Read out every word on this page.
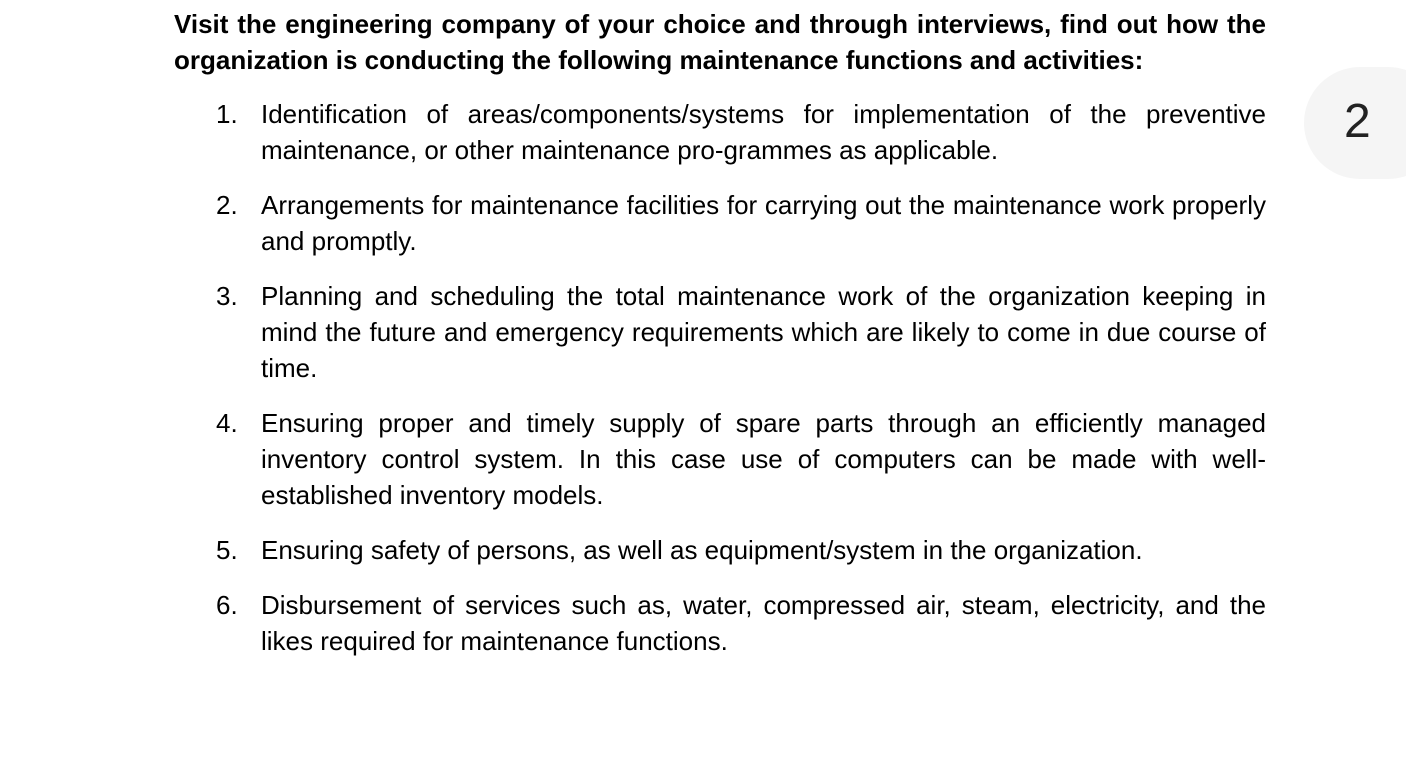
Visit the engineering company of your choice and through interviews, find out how the organization is conducting the following maintenance functions and activities:

1. Identification of areas/components/systems for implementation of the preventive maintenance, or other maintenance pro-grammes as applicable.
2. Arrangements for maintenance facilities for carrying out the maintenance work properly and promptly.
3. Planning and scheduling the total maintenance work of the organization keeping in mind the future and emergency requirements which are likely to come in due course of time.
4. Ensuring proper and timely supply of spare parts through an efficiently managed inventory control system. In this case use of computers can be made with well-established inventory models.
5. Ensuring safety of persons, as well as equipment/system in the organization.
6. Disbursement of services such as, water, compressed air, steam, electricity, and the likes required for maintenance functions.
2
